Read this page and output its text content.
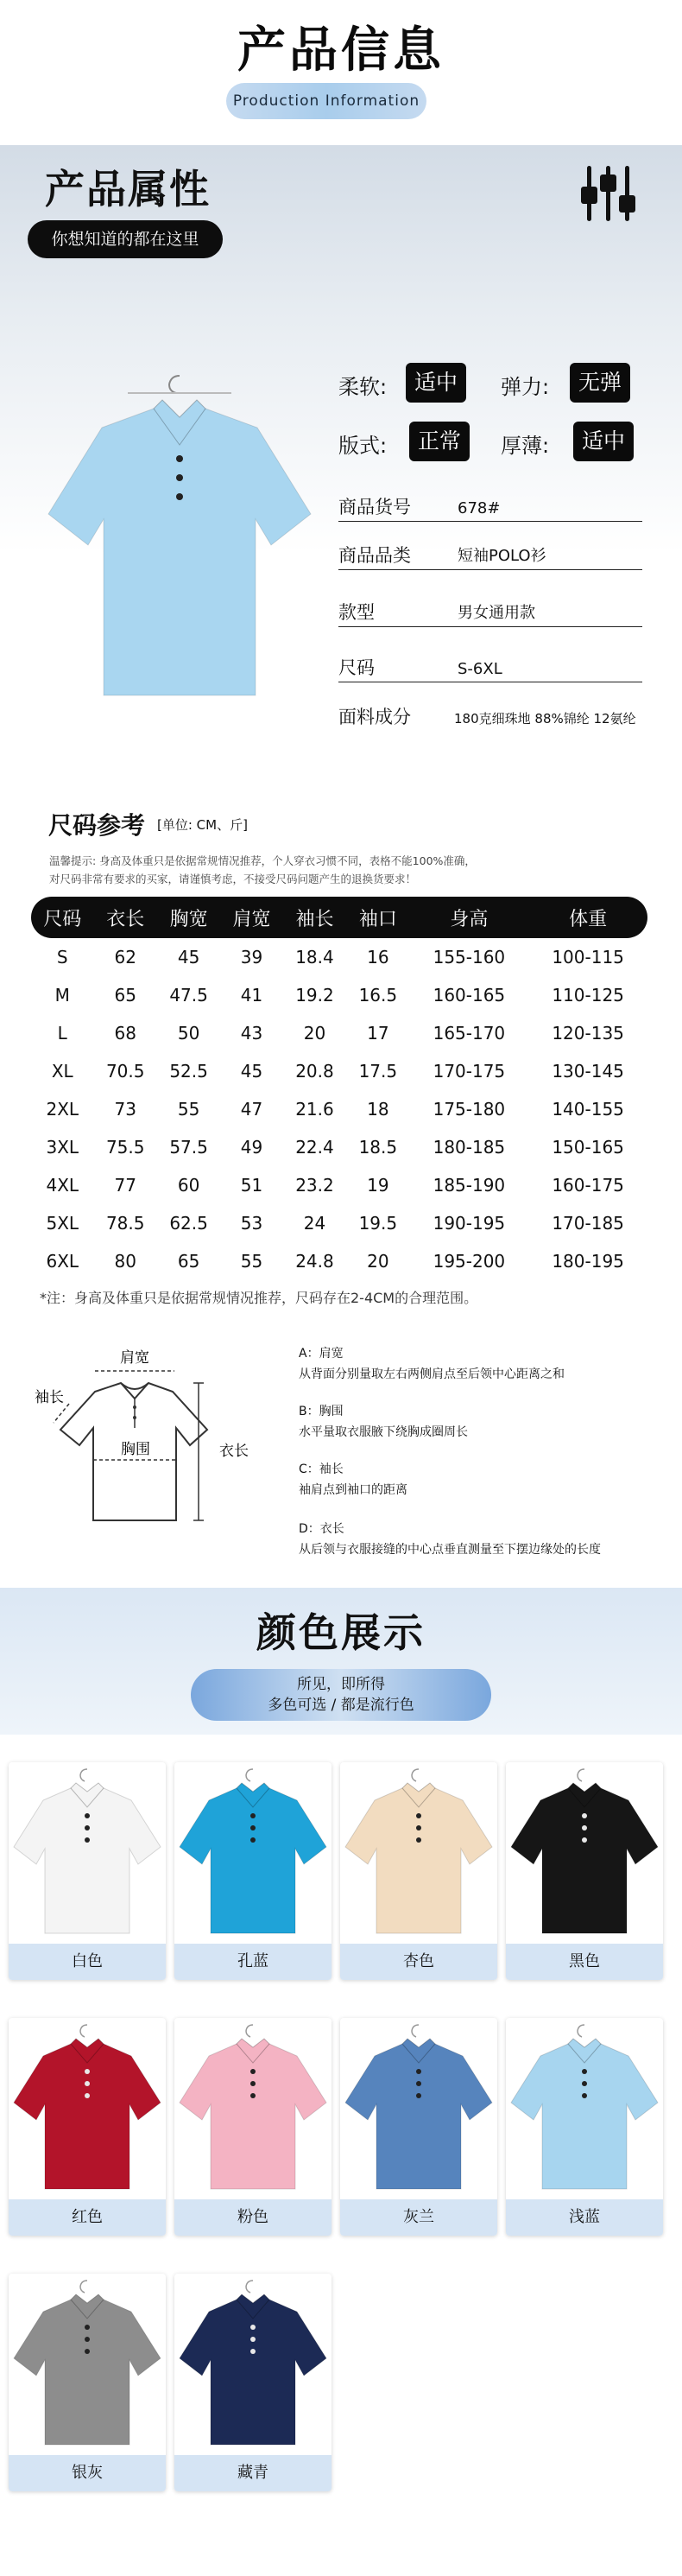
产品信息
Production Information
产品属性
你想知道的都在这里
柔软:	适中	弹力:	无弹
版式:	正常	厚薄:	适中
商品货号	678#
商品品类	短袖POLO衫
款型	男女通用款
尺码	S-6XL
面料成分	180克细珠地 88%锦纶 12氨纶
尺码参考 [单位: CM、斤]
温馨提示: 身高及体重只是依据常规情况推荐，个人穿衣习惯不同，表格不能100%准确，
对尺码非常有要求的买家，请谨慎考虑，不接受尺码问题产生的退换货要求！
尺码	衣长	胸宽	肩宽	袖长	袖口	身高	体重
S	62	45	39	18.4	16	155-160	100-115
M	65	47.5	41	19.2	16.5	160-165	110-125
L	68	50	43	20	17	165-170	120-135
XL	70.5	52.5	45	20.8	17.5	170-175	130-145
2XL	73	55	47	21.6	18	175-180	140-155
3XL	75.5	57.5	49	22.4	18.5	180-185	150-165
4XL	77	60	51	23.2	19	185-190	160-175
5XL	78.5	62.5	53	24	19.5	190-195	170-185
6XL	80	65	55	24.8	20	195-200	180-195
*注：身高及体重只是依据常规情况推荐，尺码存在2-4CM的合理范围。
肩宽
袖长
胸围	衣长
A：肩宽
从背面分别量取左右两侧肩点至后领中心距离之和
B：胸围
水平量取衣服腋下绕胸成圈周长
C：袖长
袖肩点到袖口的距离
D：衣长
从后领与衣服接缝的中心点垂直测量至下摆边缘处的长度
颜色展示
所见，即所得
多色可选 / 都是流行色
白色	孔蓝	杏色	黑色
红色	粉色	灰兰	浅蓝
银灰	藏青
